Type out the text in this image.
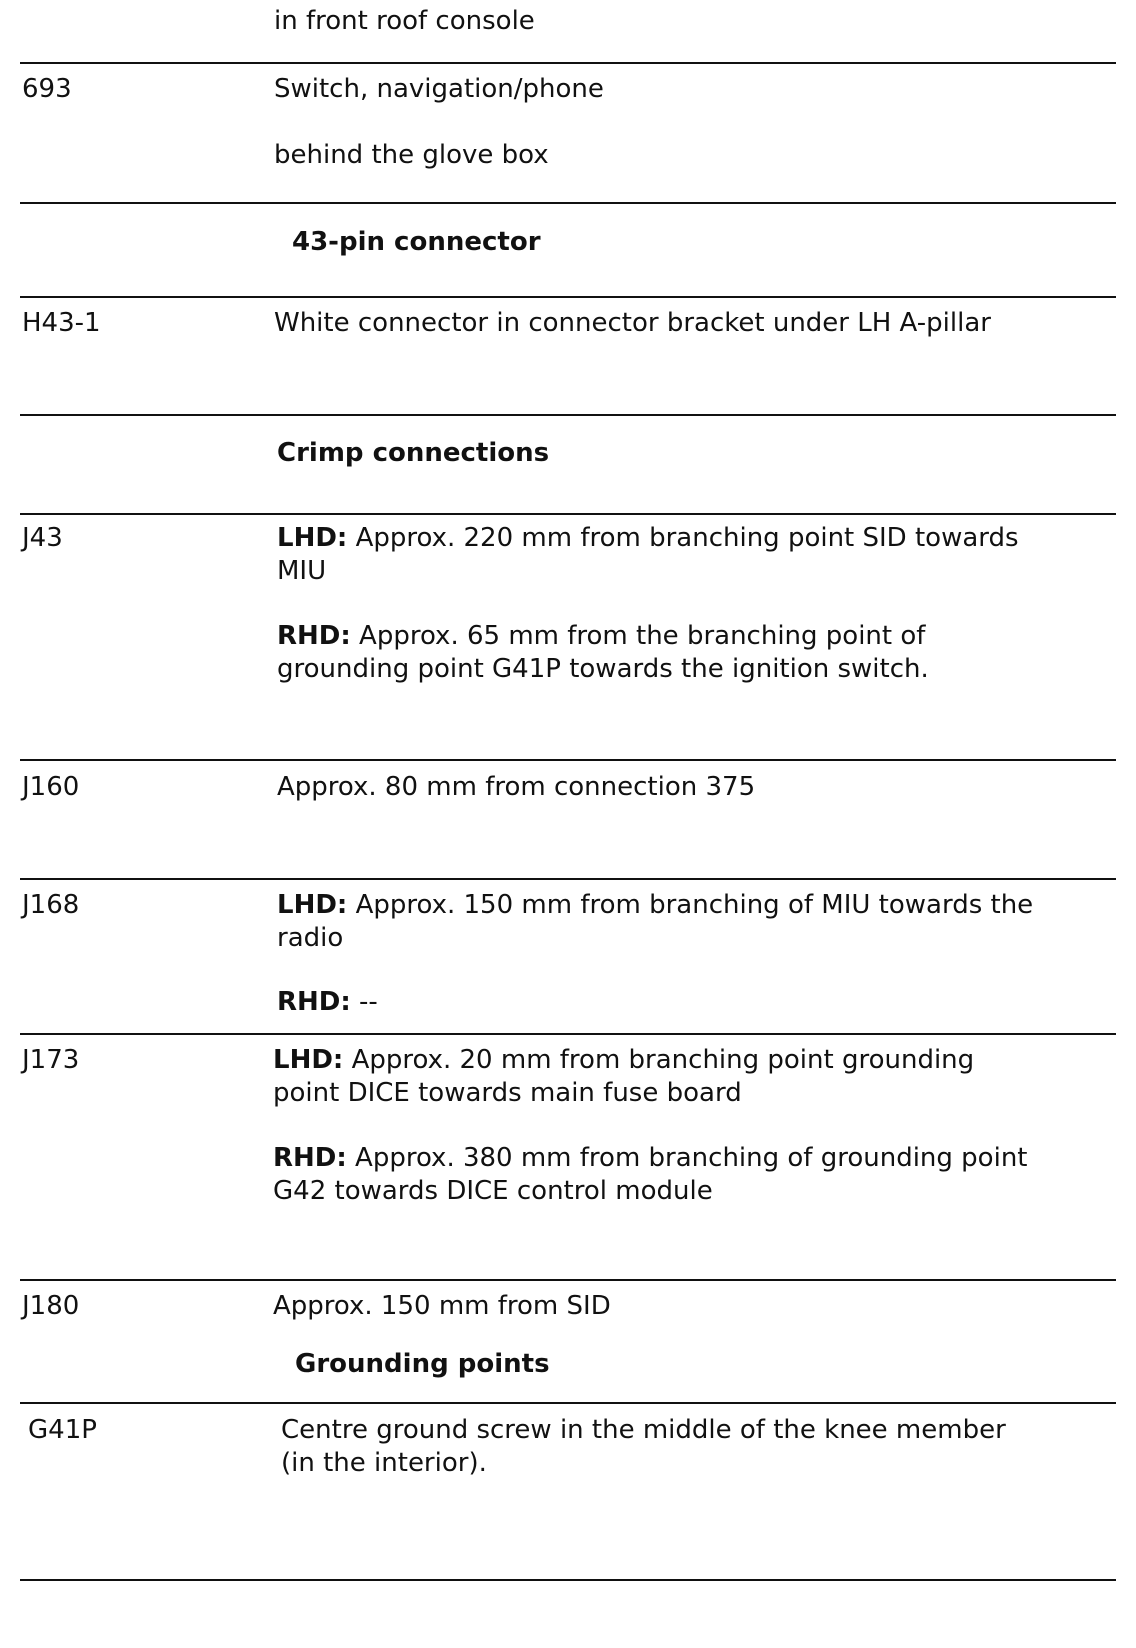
in front roof console
693	Switch, navigation/phone
behind the glove box
43-pin connector
H43-1	White connector in connector bracket under LH A-pillar
Crimp connections
J43	LHD: Approx. 220 mm from branching point SID towards MIU
RHD: Approx. 65 mm from the branching point of grounding point G41P towards the ignition switch.
J160	Approx. 80 mm from connection 375
J168	LHD: Approx. 150 mm from branching of MIU towards the radio
RHD: --
J173	LHD: Approx. 20 mm from branching point grounding point DICE towards main fuse board
RHD: Approx. 380 mm from branching of grounding point G42 towards DICE control module
J180	Approx. 150 mm from SID
Grounding points
G41P	Centre ground screw in the middle of the knee member (in the interior).
